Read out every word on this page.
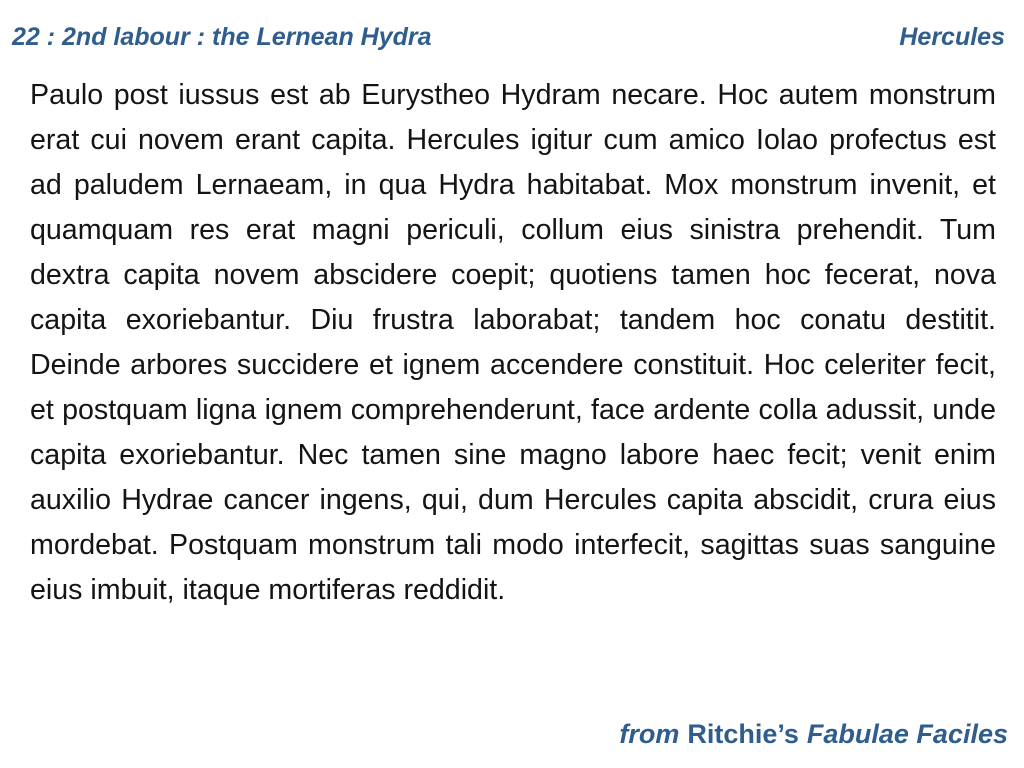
22 : 2nd labour : the Lernean Hydra	Hercules

Paulo post iussus est ab Eurystheo Hydram necare. Hoc autem monstrum erat cui novem erant capita. Hercules igitur cum amico Iolao profectus est ad paludem Lernaeam, in qua Hydra habitabat. Mox monstrum invenit, et quamquam res erat magni periculi, collum eius sinistra prehendit. Tum dextra capita novem abscidere coepit; quotiens tamen hoc fecerat, nova capita exoriebantur. Diu frustra laborabat; tandem hoc conatu destitit. Deinde arbores succidere et ignem accendere constituit. Hoc celeriter fecit, et postquam ligna ignem comprehenderunt, face ardente colla adussit, unde capita exoriebantur. Nec tamen sine magno labore haec fecit; venit enim auxilio Hydrae cancer ingens, qui, dum Hercules capita abscidit, crura eius mordebat. Postquam monstrum tali modo interfecit, sagittas suas sanguine eius imbuit, itaque mortiferas reddidit.

from Ritchie’s Fabulae Faciles
